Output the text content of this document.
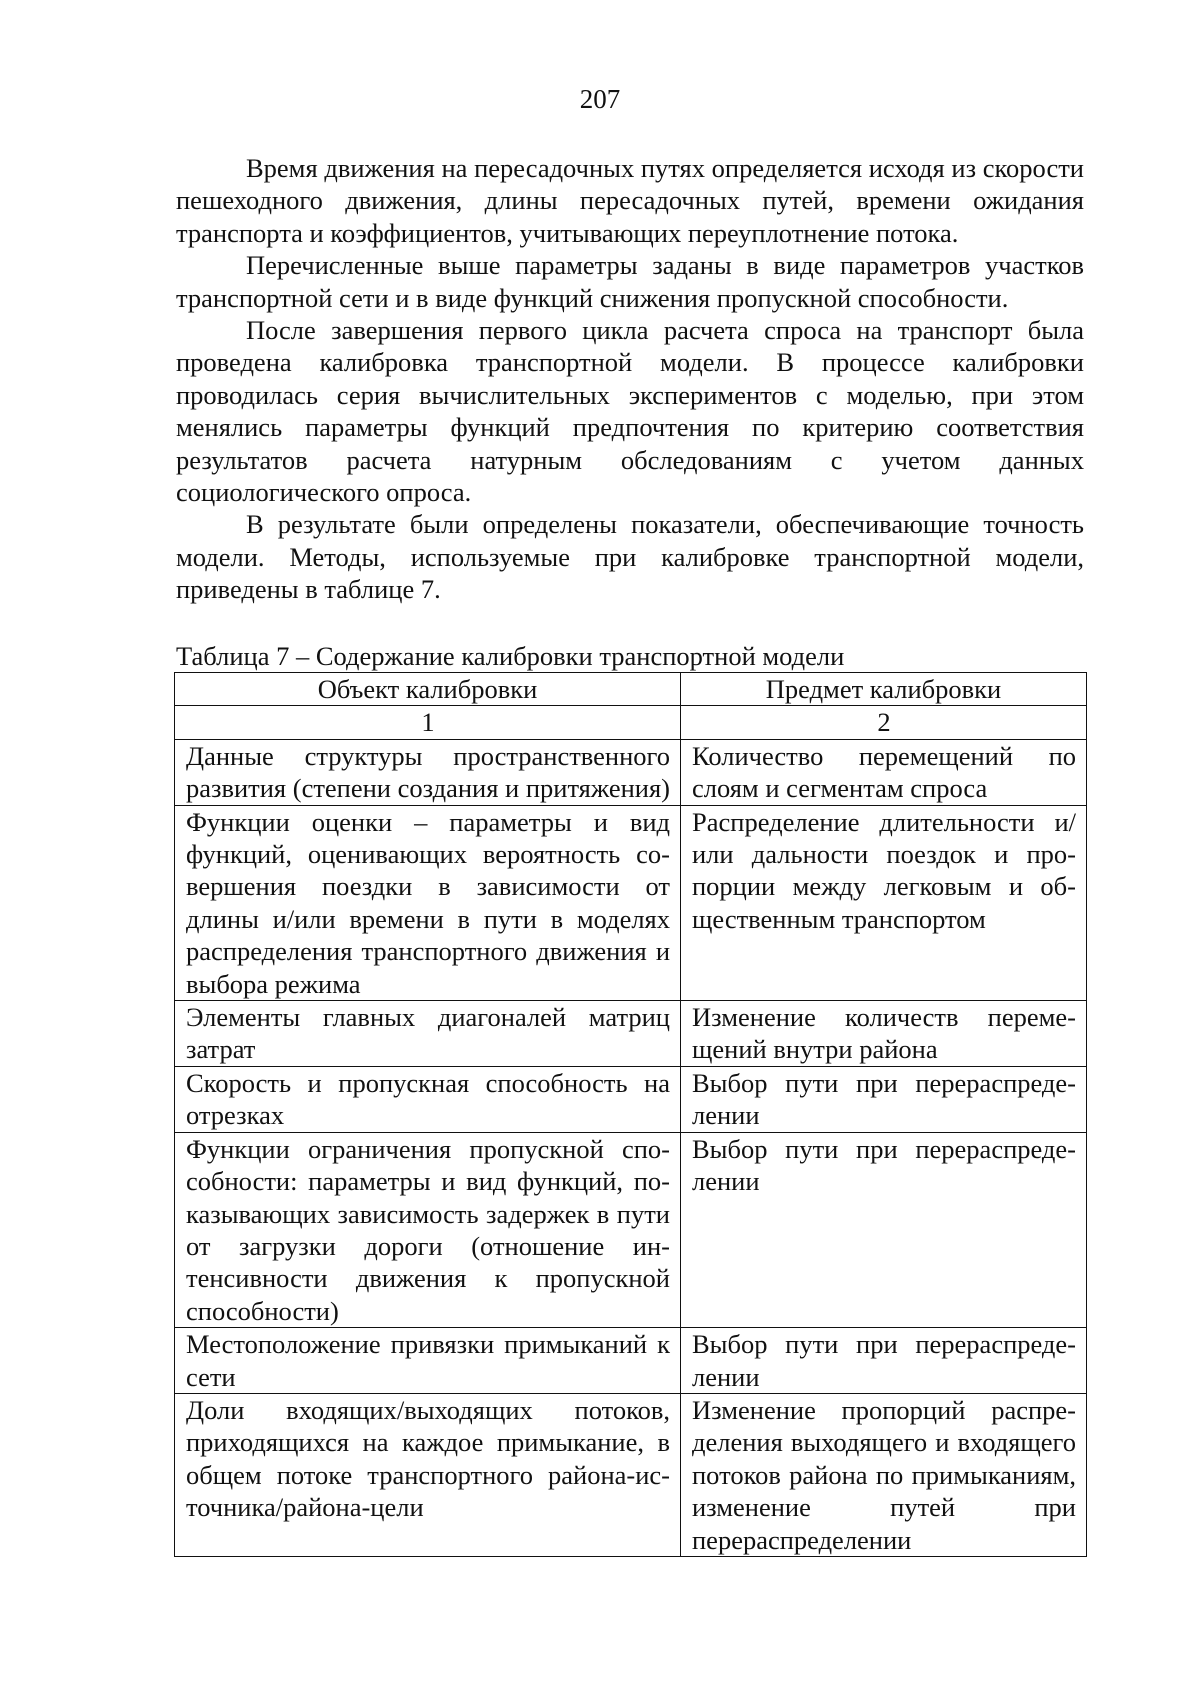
207

Время движения на пересадочных путях определяется исходя из скорости пешеходного движения, длины пересадочных путей, времени ожидания транспорта и коэффициентов, учитывающих переуплотнение потока.

Перечисленные выше параметры заданы в виде параметров участков транспортной сети и в виде функций снижения пропускной способности.

После завершения первого цикла расчета спроса на транспорт была проведена калибровка транспортной модели. В процессе калибровки проводилась серия вычислительных экспериментов с моделью, при этом менялись параметры функций предпочтения по критерию соответствия результатов расчета натурным обследованиям с учетом данных социологического опроса.

В результате были определены показатели, обеспечивающие точность модели. Методы, используемые при калибровке транспортной модели, приведены в таблице 7.

Таблица 7 – Содержание калибровки транспортной модели
Объект калибровки	Предмет калибровки
1	2
Данные структуры пространственного развития (степени создания и притяжения)	Количество перемещений по слоям и сегментам спроса
Функции оценки – параметры и вид функций, оценивающих вероятность совершения поездки в зависимости от длины и/или времени в пути в моделях распределения транспортного движения и выбора режима	Распределение длительности и/или дальности поездок и пропорции между легковым и общественным транспортом
Элементы главных диагоналей матриц затрат	Изменение количеств перемещений внутри района
Скорость и пропускная способность на отрезках	Выбор пути при перераспределении
Функции ограничения пропускной способности: параметры и вид функций, показывающих зависимость задержек в пути от загрузки дороги (отношение интенсивности движения к пропускной способности)	Выбор пути при перераспределении
Местоположение привязки примыканий к сети	Выбор пути при перераспределении
Доли входящих/выходящих потоков, приходящихся на каждое примыкание, в общем потоке транспортного района-источника/района-цели	Изменение пропорций распределения выходящего и входящего потоков района по примыканиям, изменение путей при перераспределении
